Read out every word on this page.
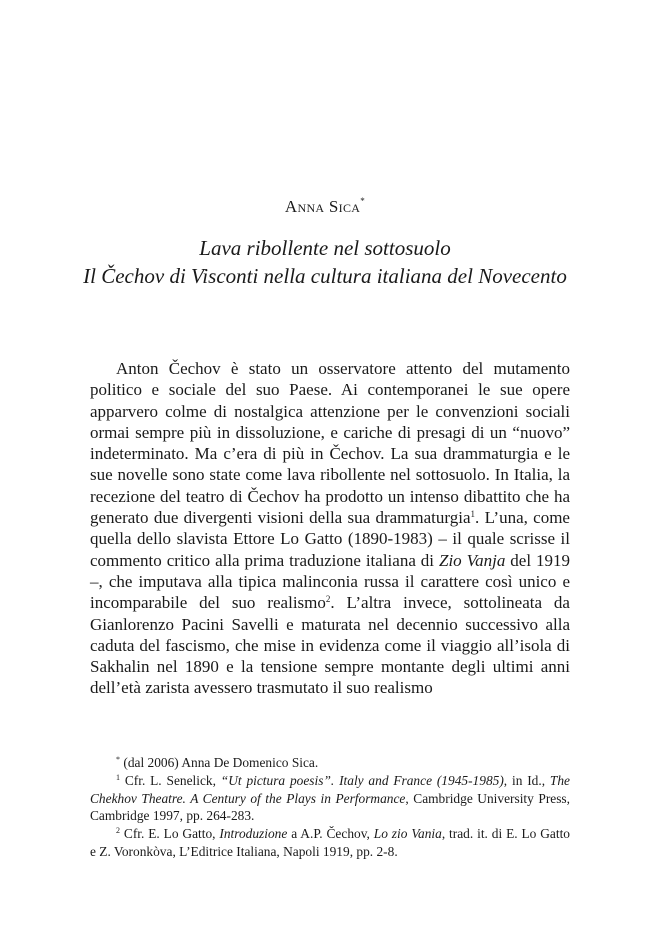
Anna Sica*
Lava ribollente nel sottosuolo
Il Čechov di Visconti nella cultura italiana del Novecento
Anton Čechov è stato un osservatore attento del mutamento politico e sociale del suo Paese. Ai contemporanei le sue opere apparvero colme di nostalgica attenzione per le convenzioni sociali ormai sempre più in dissoluzione, e cariche di presagi di un “nuovo” indeterminato. Ma c’era di più in Čechov. La sua drammaturgia e le sue novelle sono state come lava ribollente nel sottosuolo. In Italia, la recezione del teatro di Čechov ha prodotto un intenso dibattito che ha generato due divergenti visioni della sua drammaturgia$^1$. L’una, come quella dello slavista Ettore Lo Gatto (1890-1983) – il quale scrisse il commento critico alla prima traduzione italiana di Zio Vanja del 1919 –, che imputava alla tipica malinconia russa il carattere così unico e incomparabile del suo realismo$^2$. L’altra invece, sottolineata da Gianlorenzo Pacini Savelli e maturata nel decennio successivo alla caduta del fascismo, che mise in evidenza come il viaggio all’isola di Sakhalin nel 1890 e la tensione sempre montante degli ultimi anni dell’età zarista avessero trasmutato il suo realismo
* (dal 2006) Anna De Domenico Sica.
$^1$ Cfr. L. Senelick, “Ut pictura poesis”. Italy and France (1945-1985), in Id., The Chekhov Theatre. A Century of the Plays in Performance, Cambridge University Press, Cambridge 1997, pp. 264-283.
$^2$ Cfr. E. Lo Gatto, Introduzione a A.P. Čechov, Lo zio Vania, trad. it. di E. Lo Gatto e Z. Voronkòva, L’Editrice Italiana, Napoli 1919, pp. 2-8.
